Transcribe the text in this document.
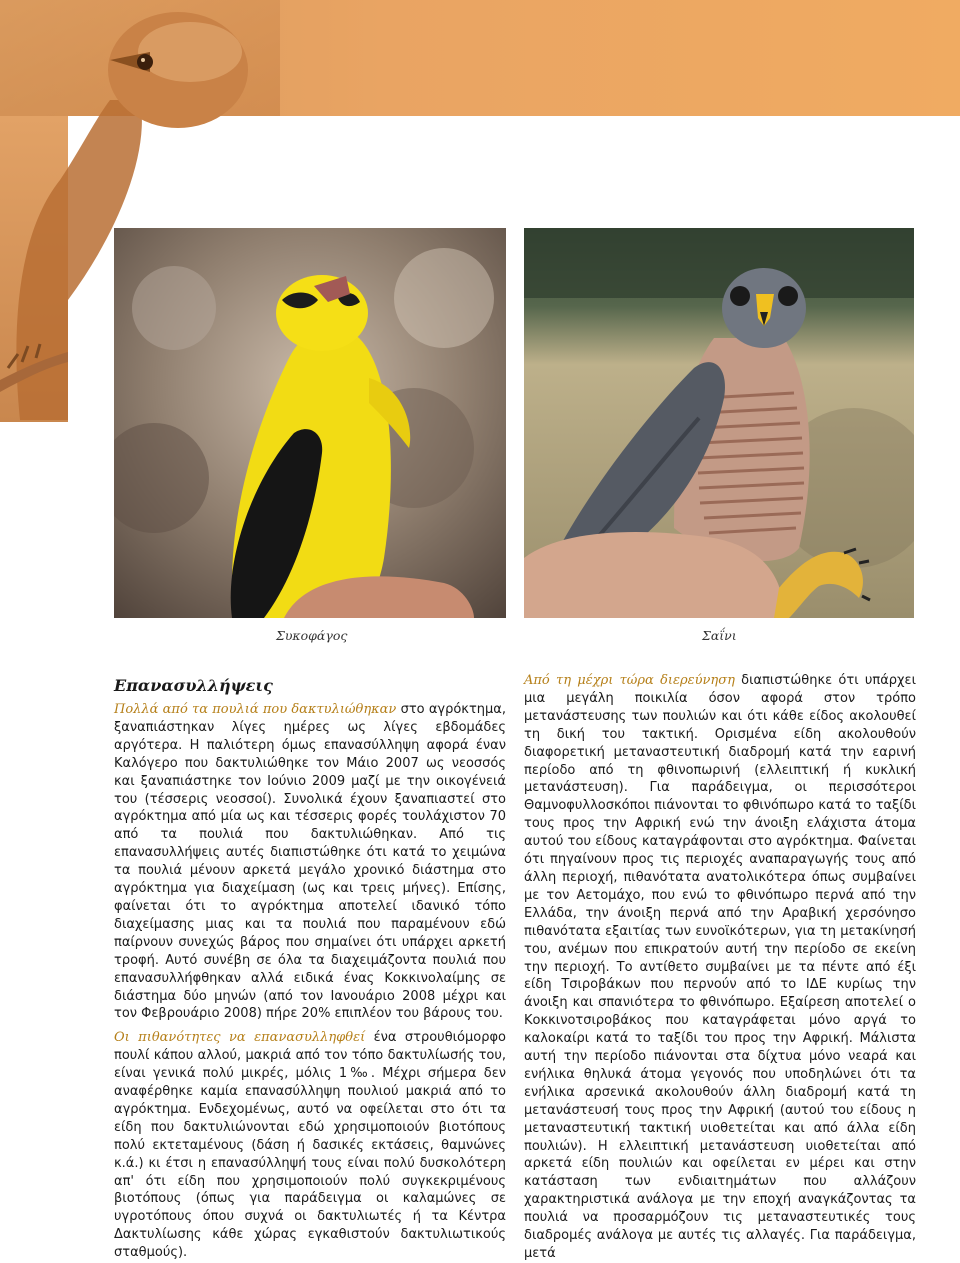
Συκοφάγος	Σαΐνι
Επανασυλλήψεις

Πολλά από τα πουλιά που δακτυλιώθηκαν στο αγρόκτημα, ξαναπιάστηκαν λίγες ημέρες ως λίγες εβδομάδες αργότερα. Η παλιότερη όμως επανασύλληψη αφορά έναν Καλόγερο που δακτυλιώθηκε τον Μάιο 2007 ως νεοσσός και ξαναπιάστηκε τον Ιούνιο 2009 μαζί με την οικογένειά του (τέσσερις νεοσσοί). Συνολικά έχουν ξαναπιαστεί στο αγρόκτημα από μία ως και τέσσερις φορές τουλάχιστον 70 από τα πουλιά που δακτυλιώθηκαν. Από τις επανασυλλήψεις αυτές διαπιστώθηκε ότι κατά το χειμώνα τα πουλιά μένουν αρκετά μεγάλο χρονικό διάστημα στο αγρόκτημα για διαχείμαση (ως και τρεις μήνες). Επίσης, φαίνεται ότι το αγρόκτημα αποτελεί ιδανικό τόπο διαχείμασης μιας και τα πουλιά που παραμένουν εδώ παίρνουν συνεχώς βάρος που σημαίνει ότι υπάρχει αρκετή τροφή. Αυτό συνέβη σε όλα τα διαχειμάζοντα πουλιά που επανασυλλήφθηκαν αλλά ειδικά ένας Κοκκινολαίμης σε διάστημα δύο μηνών (από τον Ιανουάριο 2008 μέχρι και τον Φεβρουάριο 2008) πήρε 20% επιπλέον του βάρους του.

Οι πιθανότητες να επανασυλληφθεί ένα στρουθιόμορφο πουλί κάπου αλλού, μακριά από τον τόπο δακτυλίωσής του, είναι γενικά πολύ μικρές, μόλις 1‰. Μέχρι σήμερα δεν αναφέρθηκε καμία επανασύλληψη πουλιού μακριά από το αγρόκτημα. Ενδεχομένως, αυτό να οφείλεται στο ότι τα είδη που δακτυλιώνονται εδώ χρησιμοποιούν βιοτόπους πολύ εκτεταμένους (δάση ή δασικές εκτάσεις, θαμνώνες κ.ά.) κι έτσι η επανασύλληψή τους είναι πολύ δυσκολότερη απ' ότι είδη που χρησιμοποιούν πολύ συγκεκριμένους βιοτόπους (όπως για παράδειγμα οι καλαμώνες σε υγροτόπους όπου συχνά οι δακτυλιωτές ή τα Κέντρα Δακτυλίωσης κάθε χώρας εγκαθιστούν δακτυλιωτικούς σταθμούς).

Από τη μέχρι τώρα διερεύνηση διαπιστώθηκε ότι υπάρχει μια μεγάλη ποικιλία όσον αφορά στον τρόπο μετανάστευσης των πουλιών και ότι κάθε είδος ακολουθεί τη δική του τακτική. Ορισμένα είδη ακολουθούν διαφορετική μεταναστευτική διαδρομή κατά την εαρινή περίοδο από τη φθινοπωρινή (ελλειπτική ή κυκλική μετανάστευση). Για παράδειγμα, οι περισσότεροι Θαμνοφυλλοσκόποι πιάνονται το φθινόπωρο κατά το ταξίδι τους προς την Αφρική ενώ την άνοιξη ελάχιστα άτομα αυτού του είδους καταγράφονται στο αγρόκτημα. Φαίνεται ότι πηγαίνουν προς τις περιοχές αναπαραγωγής τους από άλλη περιοχή, πιθανότατα ανατολικότερα όπως συμβαίνει με τον Αετομάχο, που ενώ το φθινόπωρο περνά από την Ελλάδα, την άνοιξη περνά από την Αραβική χερσόνησο πιθανότατα εξαιτίας των ευνοϊκότερων, για τη μετακίνησή του, ανέμων που επικρατούν αυτή την περίοδο σε εκείνη την περιοχή. Το αντίθετο συμβαίνει με τα πέντε από έξι είδη Τσιροβάκων που περνούν από το ΙΔΕ κυρίως την άνοιξη και σπανιότερα το φθινόπωρο. Εξαίρεση αποτελεί ο Κοκκινοτσιροβάκος που καταγράφεται μόνο αργά το καλοκαίρι κατά το ταξίδι του προς την Αφρική. Μάλιστα αυτή την περίοδο πιάνονται στα δίχτυα μόνο νεαρά και ενήλικα θηλυκά άτομα γεγονός που υποδηλώνει ότι τα ενήλικα αρσενικά ακολουθούν άλλη διαδρομή κατά τη μετανάστευσή τους προς την Αφρική (αυτού του είδους η μεταναστευτική τακτική υιοθετείται και από άλλα είδη πουλιών). Η ελλειπτική μετανάστευση υιοθετείται από αρκετά είδη πουλιών και οφείλεται εν μέρει και στην κατάσταση των ενδιαιτημάτων που αλλάζουν χαρακτηριστικά ανάλογα με την εποχή αναγκάζοντας τα πουλιά να προσαρμόζουν τις μεταναστευτικές τους διαδρομές ανάλογα με αυτές τις αλλαγές. Για παράδειγμα, μετά
